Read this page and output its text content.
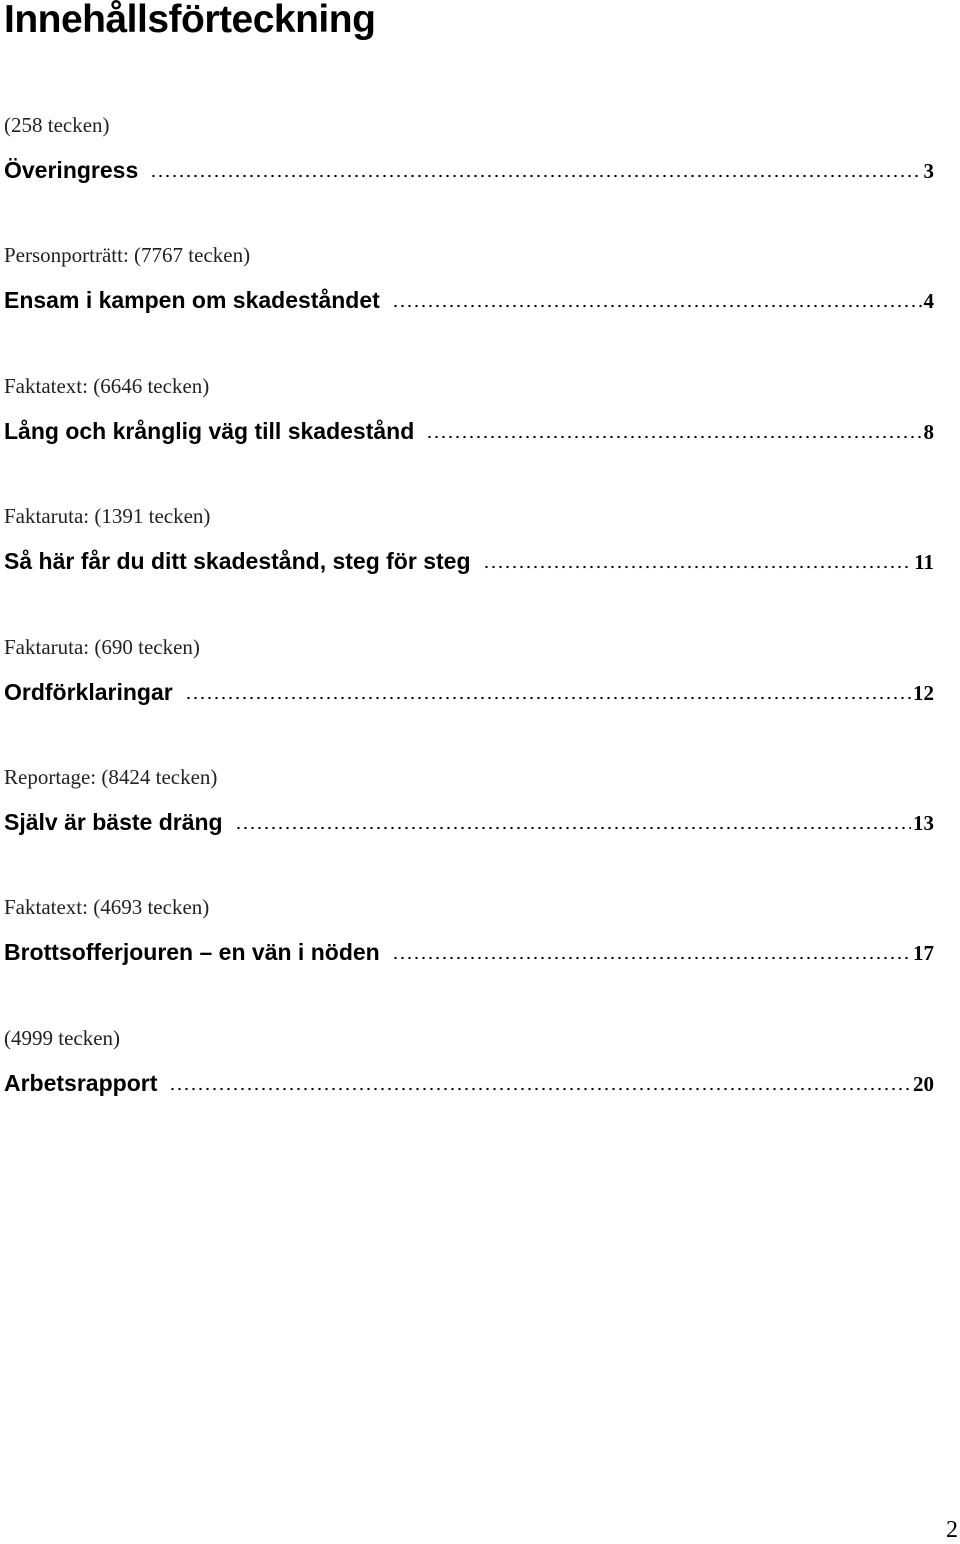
Innehållsförteckning
(258 tecken)
Överingress	3
Personporträtt: (7767 tecken)
Ensam i kampen om skadeståndet	4
Faktatext: (6646 tecken)
Lång och krånglig väg till skadestånd	8
Faktaruta: (1391 tecken)
Så här får du ditt skadestånd, steg för steg	11
Faktaruta: (690 tecken)
Ordförklaringar	12
Reportage: (8424 tecken)
Själv är bäste dräng	13
Faktatext: (4693 tecken)
Brottsofferjouren – en vän i nöden	17
(4999 tecken)
Arbetsrapport	20
2
